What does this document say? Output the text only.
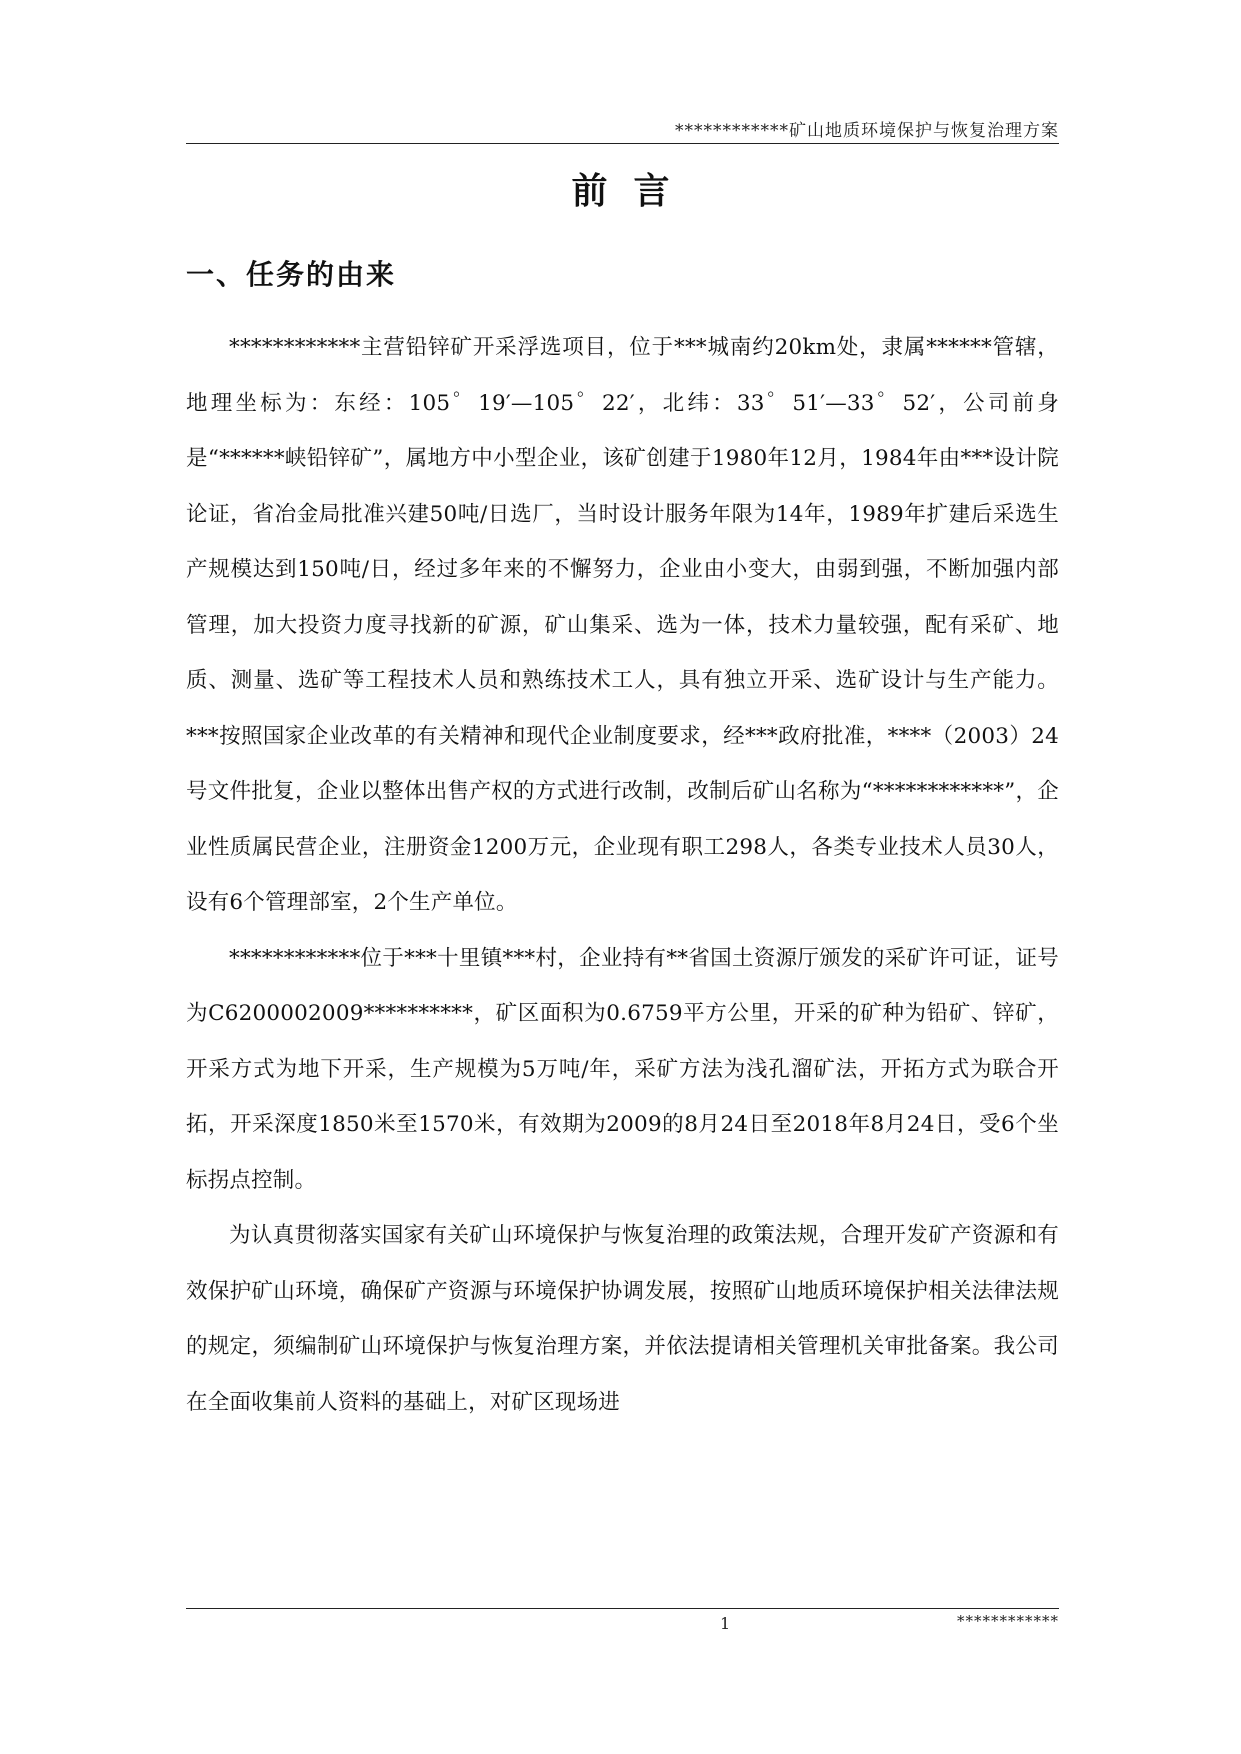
************矿山地质环境保护与恢复治理方案
前言
一、任务的由来

************主营铅锌矿开采浮选项目，位于***城南约20km处，隶属******管辖，地理坐标为：东经：105゜19′—105゜22′，北纬：33゜51′—33゜52′，公司前身是“******峡铅锌矿”，属地方中小型企业，该矿创建于1980年12月，1984年由***设计院论证，省冶金局批准兴建50吨/日选厂，当时设计服务年限为14年，1989年扩建后采选生产规模达到150吨/日，经过多年来的不懈努力，企业由小变大，由弱到强，不断加强内部管理，加大投资力度寻找新的矿源，矿山集采、选为一体，技术力量较强，配有采矿、地质、测量、选矿等工程技术人员和熟练技术工人，具有独立开采、选矿设计与生产能力。***按照国家企业改革的有关精神和现代企业制度要求，经***政府批准，****（2003）24号文件批复，企业以整体出售产权的方式进行改制，改制后矿山名称为“************”，企业性质属民营企业，注册资金1200万元，企业现有职工298人，各类专业技术人员30人，设有6个管理部室，2个生产单位。

************位于***十里镇***村，企业持有**省国土资源厅颁发的采矿许可证，证号为C6200002009**********，矿区面积为0.6759平方公里，开采的矿种为铅矿、锌矿，开采方式为地下开采，生产规模为5万吨/年，采矿方法为浅孔溜矿法，开拓方式为联合开拓，开采深度1850米至1570米，有效期为2009的8月24日至2018年8月24日，受6个坐标拐点控制。

为认真贯彻落实国家有关矿山环境保护与恢复治理的政策法规，合理开发矿产资源和有效保护矿山环境，确保矿产资源与环境保护协调发展，按照矿山地质环境保护相关法律法规的规定，须编制矿山环境保护与恢复治理方案，并依法提请相关管理机关审批备案。我公司在全面收集前人资料的基础上，对矿区现场进

1	************
